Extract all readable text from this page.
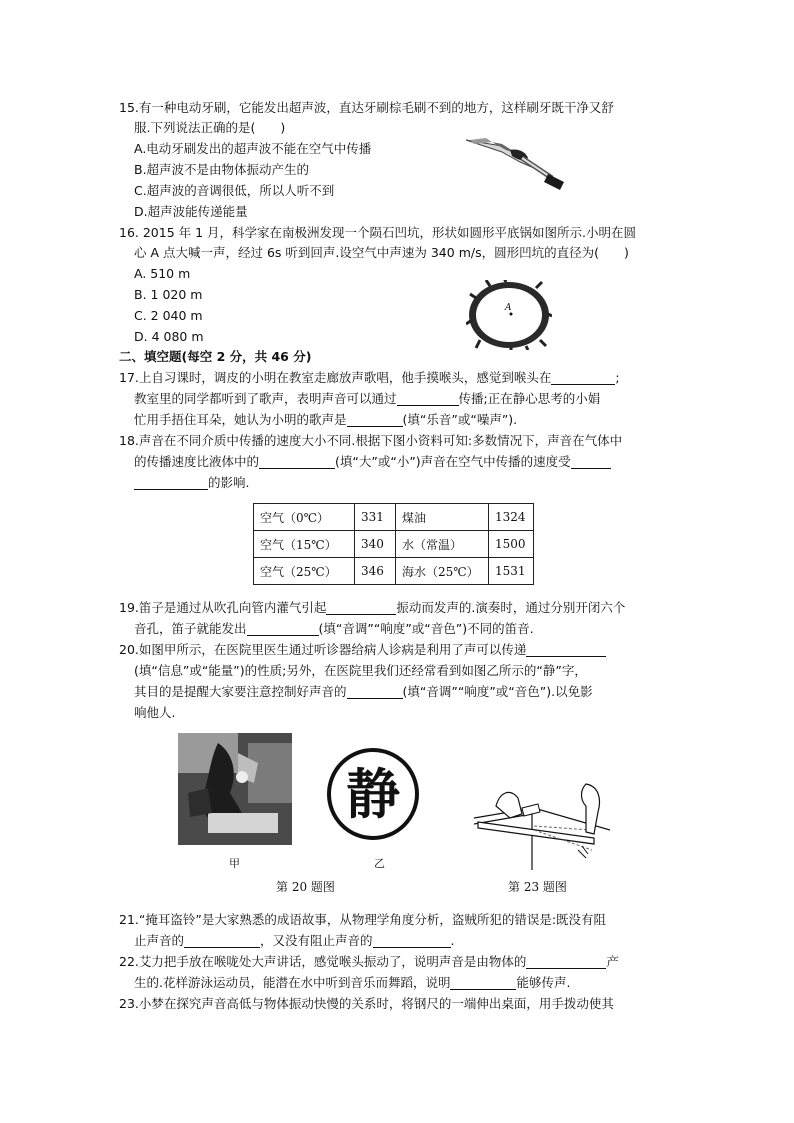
15.有一种电动牙刷，它能发出超声波，直达牙刷棕毛刷不到的地方，这样刷牙既干净又舒
服.下列说法正确的是(　　)
A.电动牙刷发出的超声波不能在空气中传播
B.超声波不是由物体振动产生的
C.超声波的音调很低，所以人听不到
D.超声波能传递能量
16. 2015 年 1 月，科学家在南极洲发现一个陨石凹坑，形状如圆形平底锅如图所示.小明在圆
心 A 点大喊一声，经过 6s 听到回声.设空气中声速为 340 m/s，圆形凹坑的直径为(　　)
A. 510 m
B. 1 020 m
C. 2 040 m
D. 4 080 m
A
二、填空题(每空 2 分，共 46 分)
17.上自习课时，调皮的小明在教室走廊放声歌唱，他手摸喉头，感觉到喉头在	;
教室里的同学都听到了歌声，表明声音可以通过	传播;正在静心思考的小娟
忙用手捂住耳朵，她认为小明的歌声是	(填“乐音”或“噪声”).
18.声音在不同介质中传播的速度大小不同.根据下图小资料可知:多数情况下，声音在气体中
的传播速度比液体中的	(填“大”或“小”)声音在空气中传播的速度受
的影响.
空气（0℃）	331	煤油	1324
空气（15℃）	340	水（常温）	1500
空气（25℃）	346	海水（25℃）	1531
19.笛子是通过从吹孔向管内灌气引起	振动而发声的.演奏时，通过分别开闭六个
音孔，笛子就能发出	(填“音调”“响度”或“音色”)不同的笛音.
20.如图甲所示，在医院里医生通过听诊器给病人诊病是利用了声可以传递
(填“信息”或“能量”)的性质;另外，在医院里我们还经常看到如图乙所示的“静”字，
其目的是提醒大家要注意控制好声音的	(填“音调”“响度”或“音色”).以免影
响他人.
甲
静
乙
第 20 题图	第 23 题图
21.“掩耳盗铃”是大家熟悉的成语故事，从物理学角度分析，盗贼所犯的错误是:既没有阻
止声音的	，又没有阻止声音的	.
22.艾力把手放在喉咙处大声讲话，感觉喉头振动了，说明声音是由物体的	产
生的.花样游泳运动员，能潜在水中听到音乐而舞蹈，说明	能够传声.
23.小梦在探究声音高低与物体振动快慢的关系时，将钢尺的一端伸出桌面，用手拨动使其
